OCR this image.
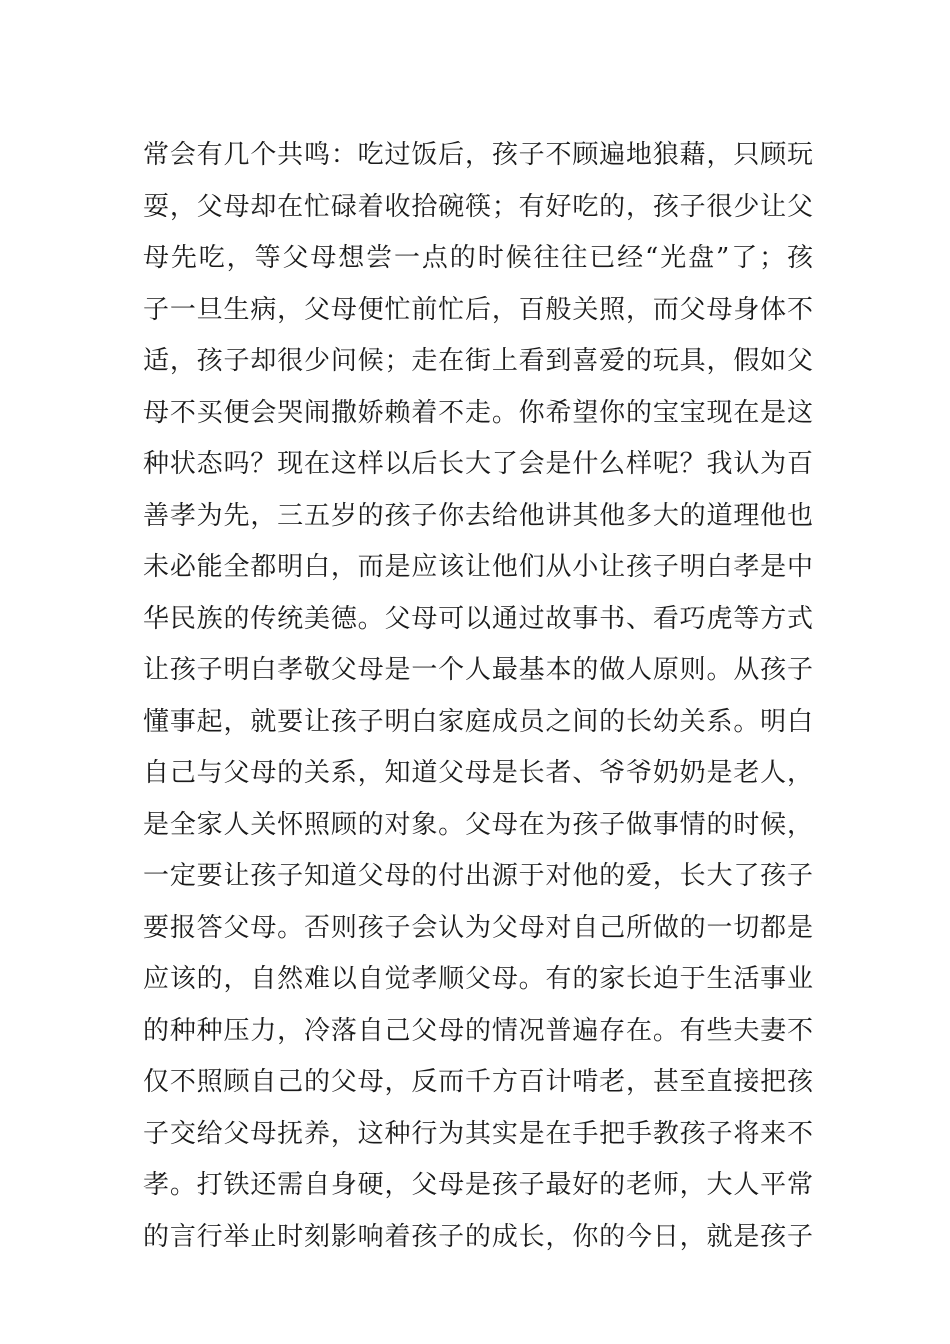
常会有几个共鸣：吃过饭后，孩子不顾遍地狼藉，只顾玩
耍，父母却在忙碌着收拾碗筷；有好吃的，孩子很少让父
母先吃，等父母想尝一点的时候往往已经“光盘”了；孩
子一旦生病，父母便忙前忙后，百般关照，而父母身体不
适，孩子却很少问候；走在街上看到喜爱的玩具，假如父
母不买便会哭闹撒娇赖着不走。你希望你的宝宝现在是这
种状态吗？现在这样以后长大了会是什么样呢？我认为百
善孝为先，三五岁的孩子你去给他讲其他多大的道理他也
未必能全都明白，而是应该让他们从小让孩子明白孝是中
华民族的传统美德。父母可以通过故事书、看巧虎等方式
让孩子明白孝敬父母是一个人最基本的做人原则。从孩子
懂事起，就要让孩子明白家庭成员之间的长幼关系。明白
自己与父母的关系，知道父母是长者、爷爷奶奶是老人，
是全家人关怀照顾的对象。父母在为孩子做事情的时候，
一定要让孩子知道父母的付出源于对他的爱，长大了孩子
要报答父母。否则孩子会认为父母对自己所做的一切都是
应该的，自然难以自觉孝顺父母。有的家长迫于生活事业
的种种压力，冷落自己父母的情况普遍存在。有些夫妻不
仅不照顾自己的父母，反而千方百计啃老，甚至直接把孩
子交给父母抚养，这种行为其实是在手把手教孩子将来不
孝。打铁还需自身硬，父母是孩子最好的老师，大人平常
的言行举止时刻影响着孩子的成长，你的今日，就是孩子
